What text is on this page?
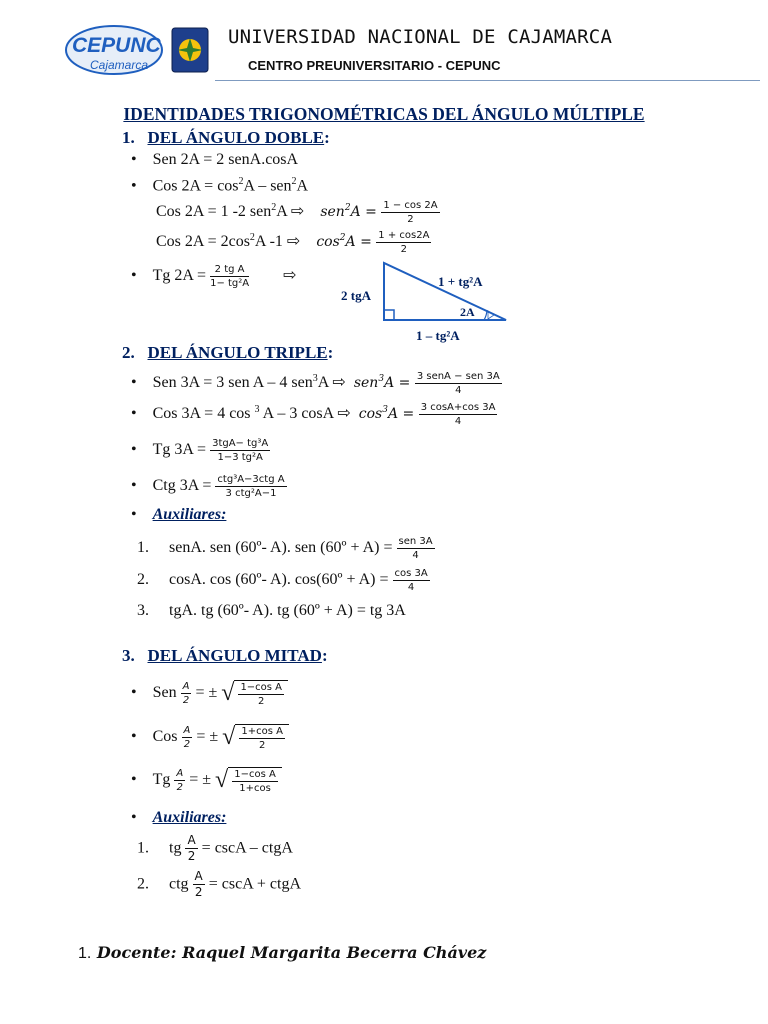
CEPUNC
Cajamarca
UNIVERSIDAD NACIONAL DE CAJAMARCA
CENTRO PREUNIVERSITARIO - CEPUNC
IDENTIDADES TRIGONOMÉTRICAS DEL ÁNGULO MÚLTIPLE
1. DEL ÁNGULO DOBLE:
• Sen 2A = 2 senA.cosA
• Cos $2A = \cos^2A - sen^2A$
Cos 2A = 1 -2 sen$^2$A ⇨ $sen^2A = \frac{1 - \cos 2A}{2}$
Cos $2A = 2\cos^2A$ -1 ⇨ $\cos^2A = \frac{1 + \cos 2A}{2}$
• Tg $2A = \frac{\text{2 tg A}}{\text{1− tg²A}}$ ⇨
2 tgA
1 + tg²A
2A
1 – tg²A
2. DEL ÁNGULO TRIPLE:
• Sen 3A = 3 sen A – 4 sen$^3$A ⇨ $sen^3A = \frac{\text{3 senA − sen 3A}}{4}$
• Cos 3A = 4 cos $^3$ A – 3 cosA ⇨ $\cos^3A = \frac{3 \cos A+\cos 3A}{4}$
• Tg $3A = \frac{\text{3tgA− tg³A}}{\text{1−3 tg²A}}$
• Ctg $3A = \frac{\text{ctg³A−3ctg A}}{\text{3 ctg²A−1}}$
• Auxiliares:
1. senA. sen (60º- A). sen (60º + $A) = \frac{\text{sen 3A}}{4}$
2. cosA. cos (60º- A). cos(60º + $A) = \frac{\cos 3A}{4}$
3. tgA. tg (60º- A). tg (60º + A) = tg 3A
3. DEL ÁNGULO MITAD:
• Sen $\frac{A}{2}$ = ± √ $\frac{\text{1−cos A}}{2}$
• Cos $\frac{A}{2}$ = ± √ $\frac{\text{1+cos A}}{2}$
• Tg $\frac{A}{2}$ = ± √ $\frac{\text{1−cos A}}{1+\cos}$
• Auxiliares:
1. tg $\frac{A}{2} = \csc A$ – ctgA
2. ctg $\frac{A}{2} = \csc A$ + ctgA
1. Docente: Raquel Margarita Becerra Chávez
